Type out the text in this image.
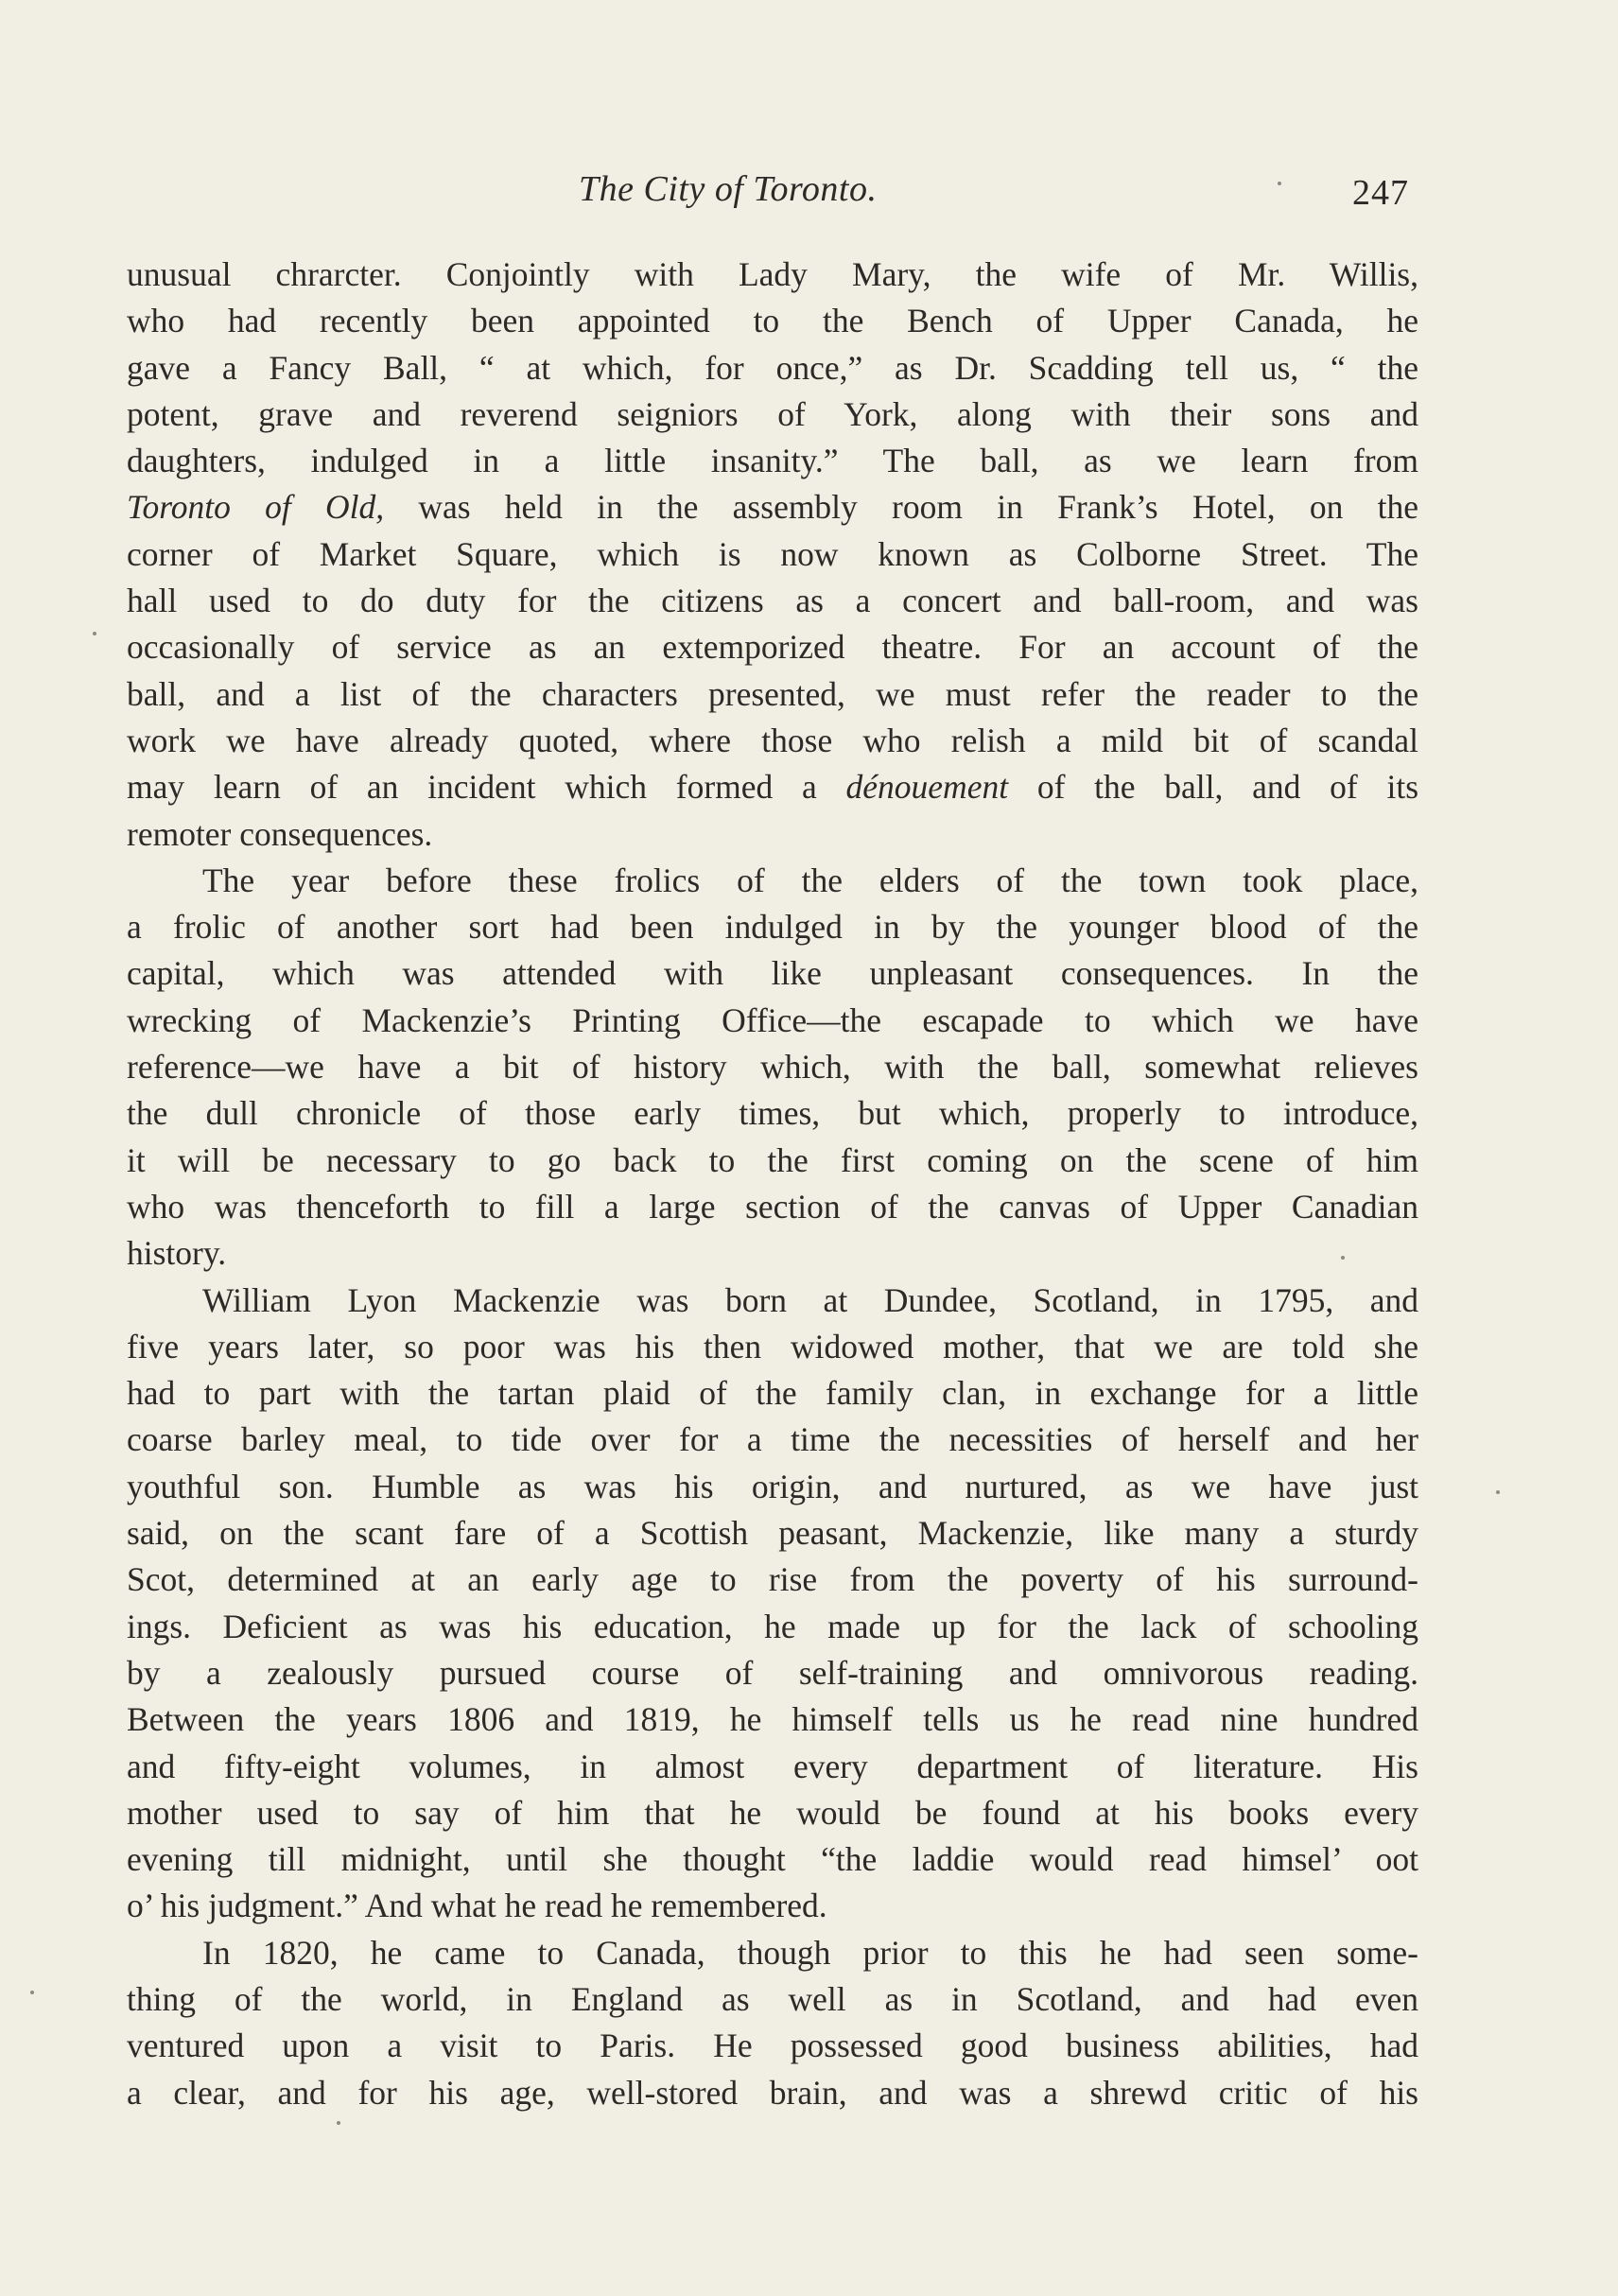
The City of Toronto.	247
unusual chrarcter. Conjointly with Lady Mary, the wife of Mr. Willis,
who had recently been appointed to the Bench of Upper Canada, he
gave a Fancy Ball, “ at which, for once,” as Dr. Scadding tell us, “ the
potent, grave and reverend seigniors of York, along with their sons and
daughters, indulged in a little insanity.” The ball, as we learn from
Toronto of Old, was held in the assembly room in Frank’s Hotel, on the
corner of Market Square, which is now known as Colborne Street. The
hall used to do duty for the citizens as a concert and ball-room, and was
occasionally of service as an extemporized theatre. For an account of the
ball, and a list of the characters presented, we must refer the reader to the
work we have already quoted, where those who relish a mild bit of scandal
may learn of an incident which formed a dénouement of the ball, and of its
remoter consequences.
The year before these frolics of the elders of the town took place,
a frolic of another sort had been indulged in by the younger blood of the
capital, which was attended with like unpleasant consequences. In the
wrecking of Mackenzie’s Printing Office—the escapade to which we have
reference—we have a bit of history which, with the ball, somewhat relieves
the dull chronicle of those early times, but which, properly to introduce,
it will be necessary to go back to the first coming on the scene of him
who was thenceforth to fill a large section of the canvas of Upper Canadian
history.
William Lyon Mackenzie was born at Dundee, Scotland, in 1795, and
five years later, so poor was his then widowed mother, that we are told she
had to part with the tartan plaid of the family clan, in exchange for a little
coarse barley meal, to tide over for a time the necessities of herself and her
youthful son. Humble as was his origin, and nurtured, as we have just
said, on the scant fare of a Scottish peasant, Mackenzie, like many a sturdy
Scot, determined at an early age to rise from the poverty of his surround-
ings. Deficient as was his education, he made up for the lack of schooling
by a zealously pursued course of self-training and omnivorous reading.
Between the years 1806 and 1819, he himself tells us he read nine hundred
and fifty-eight volumes, in almost every department of literature. His
mother used to say of him that he would be found at his books every
evening till midnight, until she thought “the laddie would read himsel’ oot
o’ his judgment.” And what he read he remembered.
In 1820, he came to Canada, though prior to this he had seen some-
thing of the world, in England as well as in Scotland, and had even
ventured upon a visit to Paris. He possessed good business abilities, had
a clear, and for his age, well-stored brain, and was a shrewd critic of his
